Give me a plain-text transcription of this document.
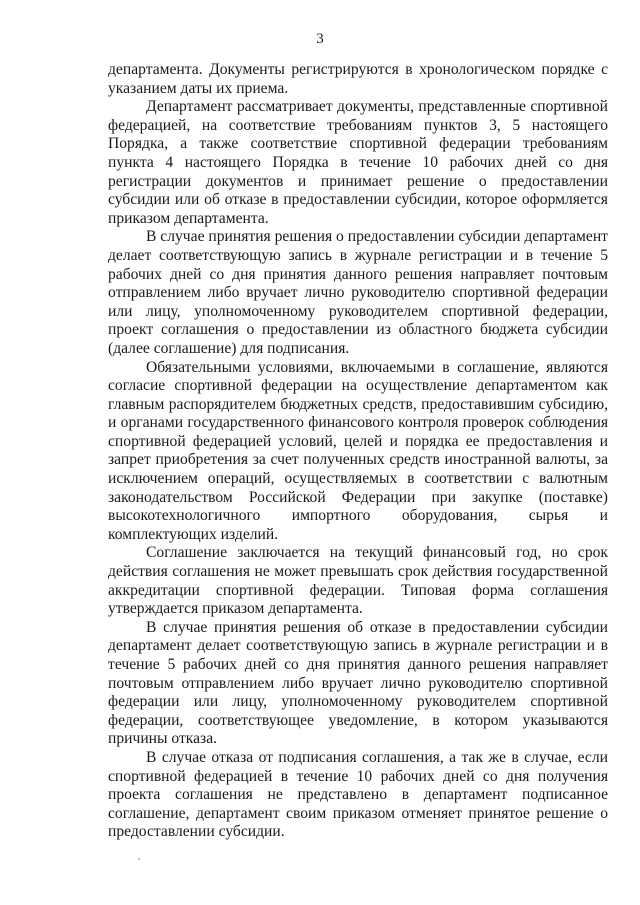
3

департамента. Документы регистрируются в хронологическом порядке с указанием даты их приема.

Департамент рассматривает документы, представленные спортивной федерацией, на соответствие требованиям пунктов 3, 5 настоящего Порядка, а также соответствие спортивной федерации требованиям пункта 4 настоящего Порядка в течение 10 рабочих дней со дня регистрации документов и принимает решение о предоставлении субсидии или об отказе в предоставлении субсидии, которое оформляется приказом департамента.

В случае принятия решения о предоставлении субсидии департамент делает соответствующую запись в журнале регистрации и в течение 5 рабочих дней со дня принятия данного решения направляет почтовым отправлением либо вручает лично руководителю спортивной федерации или лицу, уполномоченному руководителем спортивной федерации, проект соглашения о предоставлении из областного бюджета субсидии (далее соглашение) для подписания.

Обязательными условиями, включаемыми в соглашение, являются согласие спортивной федерации на осуществление департаментом как главным распорядителем бюджетных средств, предоставившим субсидию, и органами государственного финансового контроля проверок соблюдения спортивной федерацией условий, целей и порядка ее предоставления и запрет приобретения за счет полученных средств иностранной валюты, за исключением операций, осуществляемых в соответствии с валютным законодательством Российской Федерации при закупке (поставке) высокотехнологичного импортного оборудования, сырья и комплектующих изделий.

Соглашение заключается на текущий финансовый год, но срок действия соглашения не может превышать срок действия государственной аккредитации спортивной федерации. Типовая форма соглашения утверждается приказом департамента.

В случае принятия решения об отказе в предоставлении субсидии департамент делает соответствующую запись в журнале регистрации и в течение 5 рабочих дней со дня принятия данного решения направляет почтовым отправлением либо вручает лично руководителю спортивной федерации или лицу, уполномоченному руководителем спортивной федерации, соответствующее уведомление, в котором указываются причины отказа.

В случае отказа от подписания соглашения, а так же в случае, если спортивной федерацией в течение 10 рабочих дней со дня получения проекта соглашения не представлено в департамент подписанное соглашение, департамент своим приказом отменяет принятое решение о предоставлении субсидии.
